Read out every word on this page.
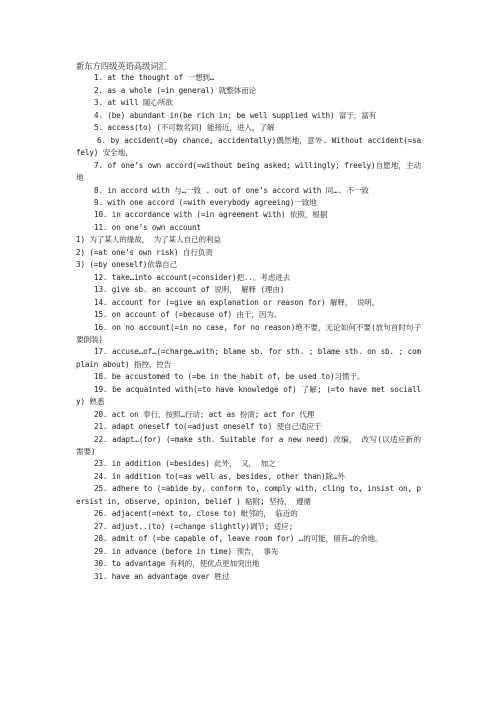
新东方四级英语高级词汇
1. at the thought of 一想到…
2. as a whole (=in general) 就整体而论
3. at will 随心所欲
4. (be) abundant in(be rich in; be well supplied with) 富于，富有
5. access(to) (不可数名词) 能接近，进入，了解
6. by accident(=by chance, accidentally)偶然地，意外. Without accident(=safely) 安全地，
7. of one’s own accord(=without being asked; willingly; freely)自愿地，主动地
8. in accord with 与…一致 . out of one’s accord with 同…. 不一致
9. with one accord (=with everybody agreeing)一致地
10. in accordance with (=in agreement with) 依照，根据
11. on one’s own account
1) 为了某人的缘故， 为了某人自己的利益
2) (=at one’s own risk) 自行负责
3) (=by oneself)依靠自己
12. take…into account(=consider)把..。考虑进去
13. give sb. an account of 说明， 解释 (理由)
14. account for (=give an explanation or reason for) 解释， 说明。
15. on account of (=because of) 由于，因为。
16. on no account(=in no case, for no reason)绝不要，无论如何不要(放句首时句子要倒装)
17. accuse…of…(=charge…with; blame sb. for sth. ; blame sth. on sb. ; complain about) 指控，控告
18. be accustomed to (=be in the habit of, be used to)习惯于。
19. be acquainted with(=to have knowledge of) 了解; (=to have met socially) 熟悉
20. act on 奉行，按照…行动; act as 扮演; act for 代理
21. adapt oneself to(=adjust oneself to) 使自己适应于
22. adapt…(for) (=make sth. Suitable for a new need) 改编， 改写(以适应新的需要)
23. in addition (=besides) 此外， 又， 加之
24. in addition to(=as well as, besides, other than)除…外
25. adhere to (=abide by, conform to, comply with, cling to, insist on, persist in, observe, opinion, belief ) 粘附; 坚持， 遵循
26. adjacent(=next to, close to) 毗邻的， 临近的
27. adjust..(to) (=change slightly)调节; 适应;
28. admit of (=be capable of, leave room for) …的可能，留有…的余地。
29. in advance (before in time) 预告， 事先
30. to advantage 有利的，使优点更加突出地
31. have an advantage over 胜过
